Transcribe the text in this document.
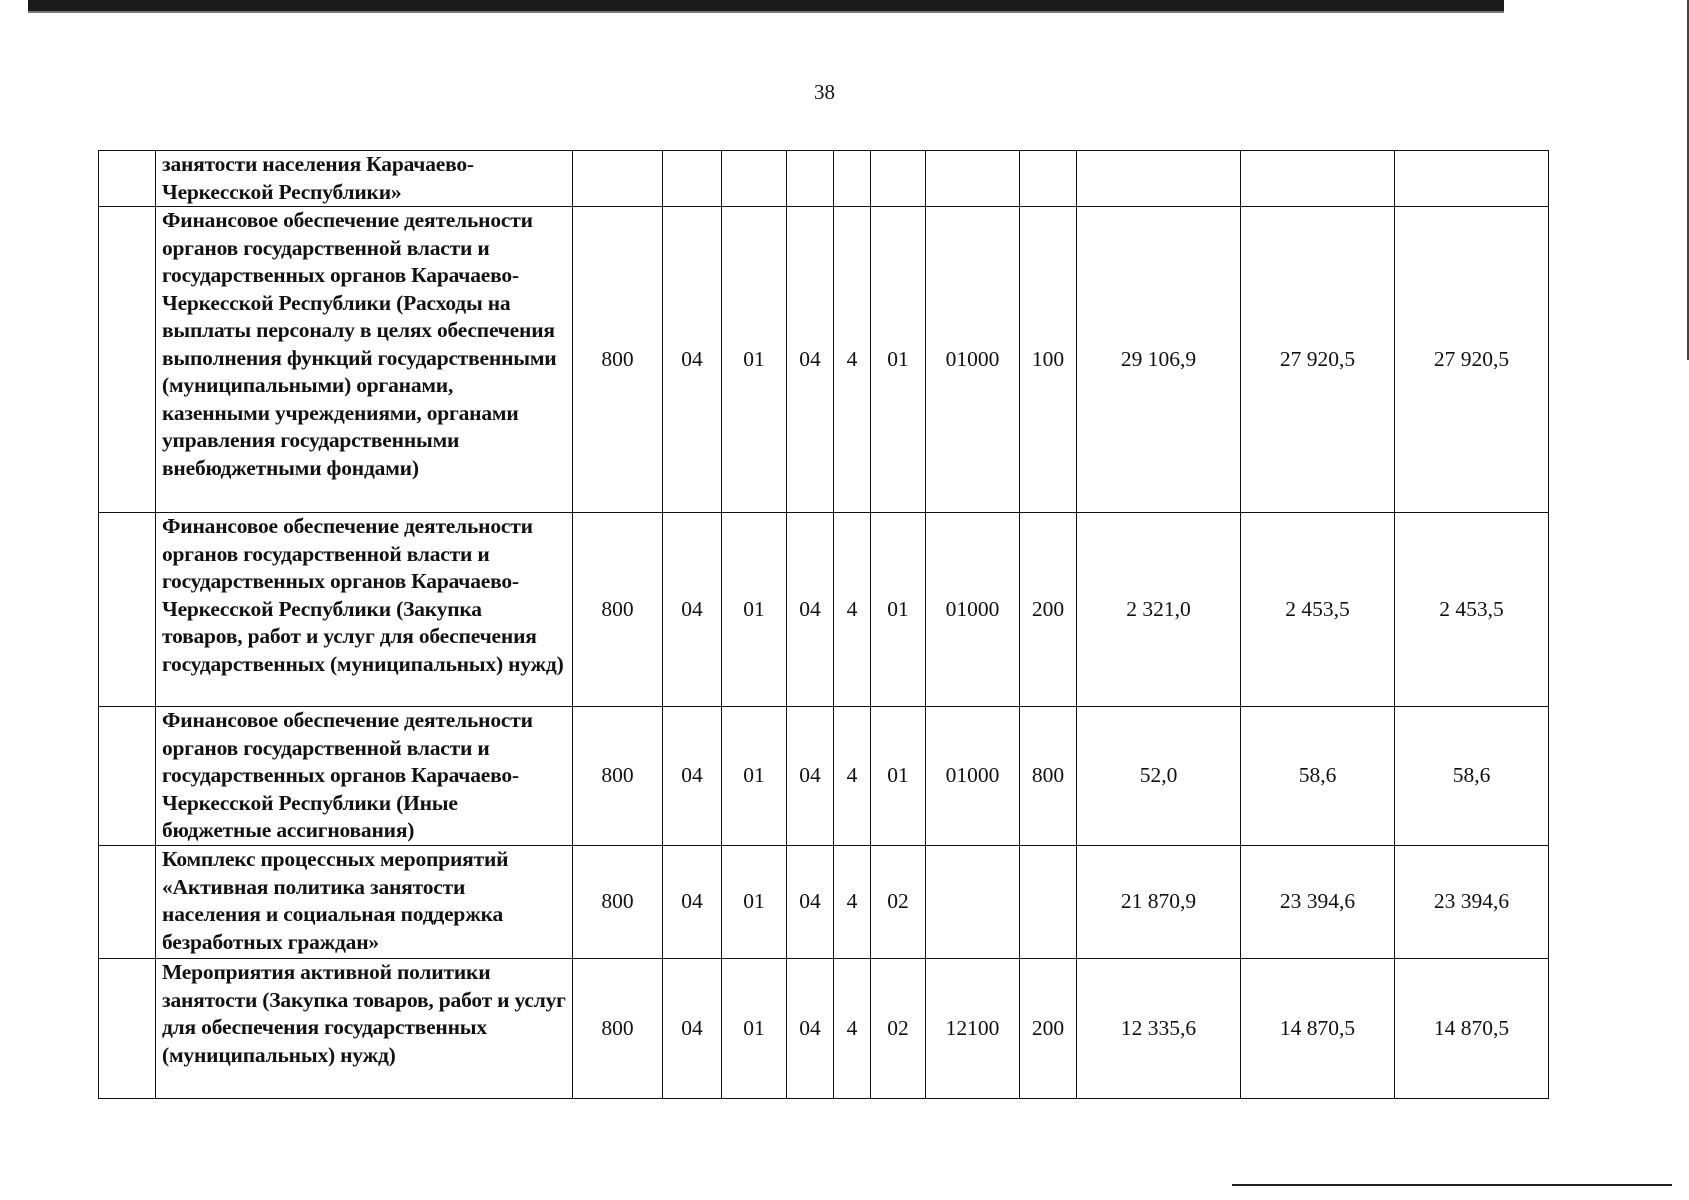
38
	занятости населения Карачаево-Черкесской Республики»											
	Финансовое обеспечение деятельности органов государственной власти и государственных органов Карачаево-Черкесской Республики (Расходы на выплаты персоналу в целях обеспечения выполнения функций государственными (муниципальными) органами, казенными учреждениями, органами управления государственными внебюджетными фондами)	800	04	01	04	4	01	01000	100	29 106,9	27 920,5	27 920,5
	Финансовое обеспечение деятельности органов государственной власти и государственных органов Карачаево-Черкесской Республики (Закупка товаров, работ и услуг для обеспечения государственных (муниципальных) нужд)	800	04	01	04	4	01	01000	200	2 321,0	2 453,5	2 453,5
	Финансовое обеспечение деятельности органов государственной власти и государственных органов Карачаево-Черкесской Республики (Иные бюджетные ассигнования)	800	04	01	04	4	01	01000	800	52,0	58,6	58,6
	Комплекс процессных мероприятий «Активная политика занятости населения и социальная поддержка безработных граждан»	800	04	01	04	4	02			21 870,9	23 394,6	23 394,6
	Мероприятия активной политики занятости (Закупка товаров, работ и услуг для обеспечения государственных (муниципальных) нужд)	800	04	01	04	4	02	12100	200	12 335,6	14 870,5	14 870,5
